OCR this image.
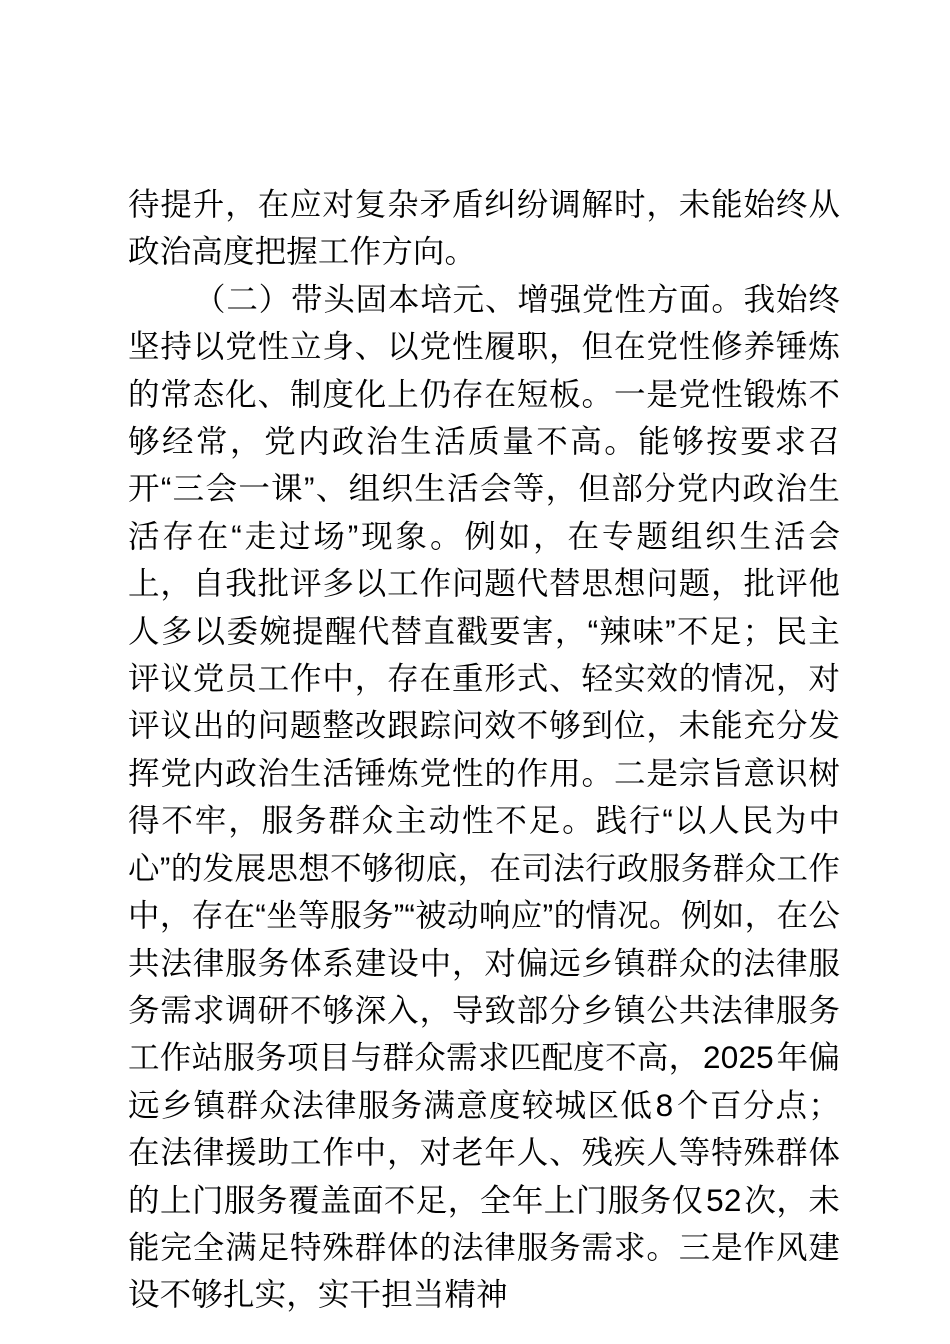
待提升，在应对复杂矛盾纠纷调解时，未能始终从政治高度把握工作方向。

（二）带头固本培元、增强党性方面。我始终坚持以党性立身、以党性履职，但在党性修养锤炼的常态化、制度化上仍存在短板。一是党性锻炼不够经常，党内政治生活质量不高。能够按要求召开“三会一课”、组织生活会等，但部分党内政治生活存在“走过场”现象。例如，在专题组织生活会上，自我批评多以工作问题代替思想问题，批评他人多以委婉提醒代替直戳要害，“辣味”不足；民主评议党员工作中，存在重形式、轻实效的情况，对评议出的问题整改跟踪问效不够到位，未能充分发挥党内政治生活锤炼党性的作用。二是宗旨意识树得不牢，服务群众主动性不足。践行“以人民为中心”的发展思想不够彻底，在司法行政服务群众工作中，存在“坐等服务”“被动响应”的情况。例如，在公共法律服务体系建设中，对偏远乡镇群众的法律服务需求调研不够深入，导致部分乡镇公共法律服务工作站服务项目与群众需求匹配度不高，2025年偏远乡镇群众法律服务满意度较城区低8个百分点；在法律援助工作中，对老年人、残疾人等特殊群体的上门服务覆盖面不足，全年上门服务仅52次，未能完全满足特殊群体的法律服务需求。三是作风建设不够扎实，实干担当精神
